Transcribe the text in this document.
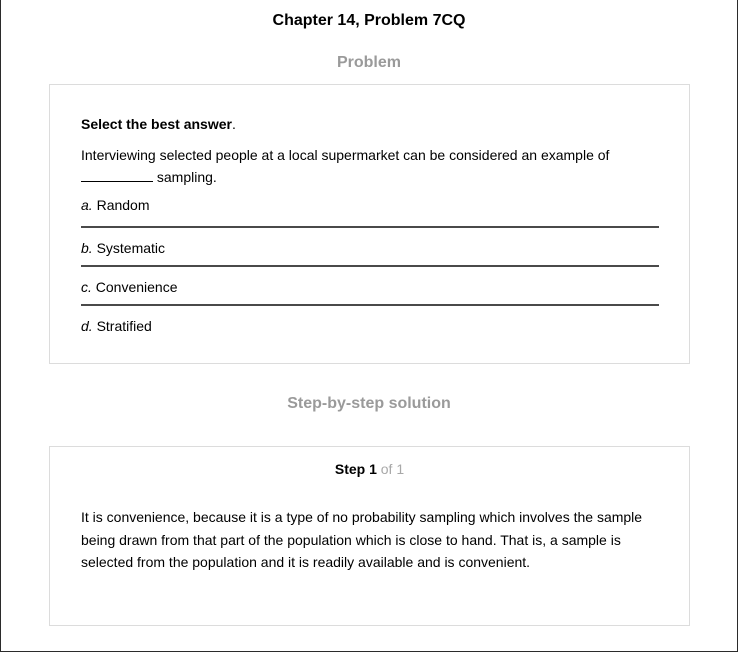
Chapter 14, Problem 7CQ
Problem
Select the best answer.
Interviewing selected people at a local supermarket can be considered an example of
sampling.
a. Random
b. Systematic
c. Convenience
d. Stratified
Step-by-step solution
Step 1 of 1
It is convenience, because it is a type of no probability sampling which involves the sample being drawn from that part of the population which is close to hand. That is, a sample is selected from the population and it is readily available and is convenient.
